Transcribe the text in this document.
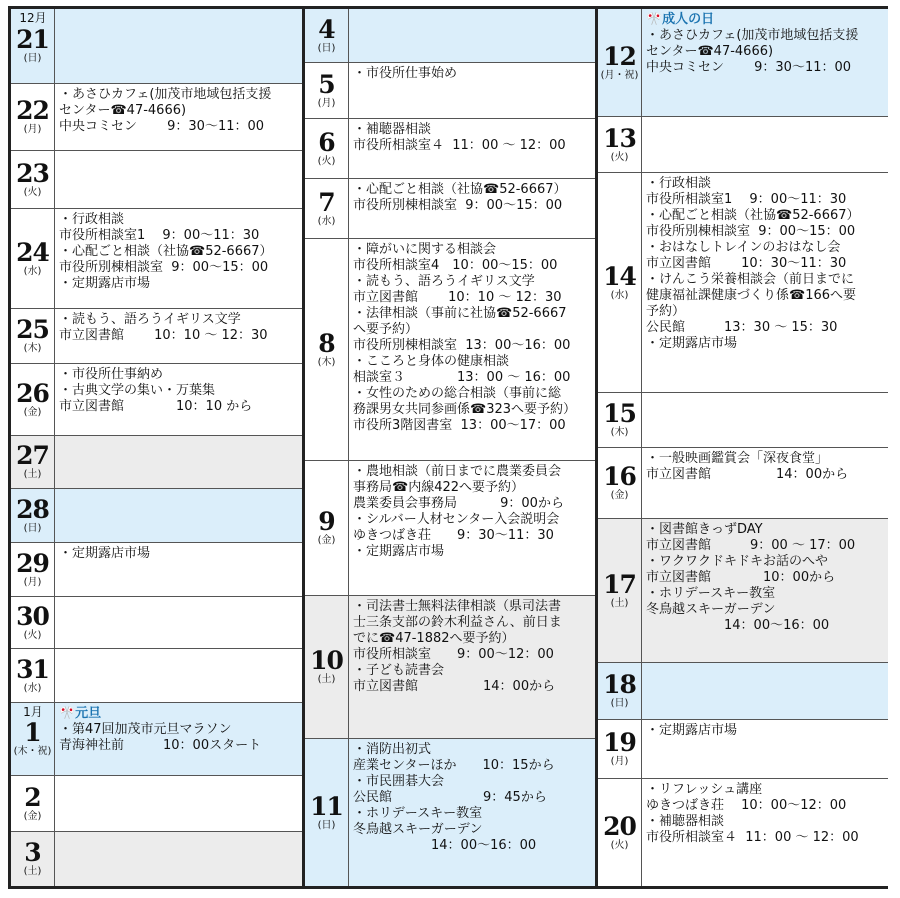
12月
21
(日)
22
(月)
・あさひカフェ(加茂市地域包括支援
センター☎47-4666)
中央コミセン　　 9：30～11：00
23
(火)
24
(水)
・行政相談
市役所相談室1　 9：00～11：30
・心配ごと相談（社協☎52-6667）
市役所別棟相談室  9：00～15：00
・定期露店市場
25
(木)
・読もう、語ろうイギリス文学
市立図書館　　 10：10 ～ 12：30
26
(金)
・市役所仕事納め
・古典文学の集い・万葉集
市立図書館　　　　10：10 から
27
(土)
28
(日)
29
(月)
・定期露店市場
30
(火)
31
(水)
1月
1
(木・祝)
🎌元旦
・第47回加茂市元旦マラソン
青海神社前　　　10：00スタート
2
(金)
3
(土)
4
(日)
5
(月)
・市役所仕事始め
6
(火)
・補聴器相談
市役所相談室４  11：00 ～ 12：00
7
(水)
・心配ごと相談（社協☎52-6667）
市役所別棟相談室  9：00～15：00
8
(木)
・障がいに関する相談会
市役所相談室4　10：00～15：00
・読もう、語ろうイギリス文学
市立図書館　　 10：10 ～ 12：30
・法律相談（事前に社協☎52-6667
へ要予約）
市役所別棟相談室  13：00～16：00
・こころと身体の健康相談
相談室３　　　　13：00 ～ 16：00
・女性のための総合相談（事前に総
務課男女共同参画係☎323へ要予約）
市役所3階図書室  13：00～17：00
9
(金)
・農地相談（前日までに農業委員会
事務局☎内線422へ要予約）
農業委員会事務局　　　 9：00から
・シルバー人材センター入会説明会
ゆきつばき荘　　9：30～11：30
・定期露店市場
10
(土)
・司法書士無料法律相談（県司法書
士三条支部の鈴木利益さん、前日ま
でに☎47-1882へ要予約）
市役所相談室　　9：00～12：00
・子ども読書会
市立図書館　　　　　14：00から
11
(日)
・消防出初式
産業センターほか　　10：15から
・市民囲碁大会
公民館　　　　　　　9：45から
・ホリデースキー教室
冬鳥越スキーガーデン
　　　　　　14：00～16：00
12
(月・祝)
🎌成人の日
・あさひカフェ(加茂市地域包括支援
センター☎47-4666)
中央コミセン　　 9：30～11：00
13
(火)
14
(水)
・行政相談
市役所相談室1　 9：00～11：30
・心配ごと相談（社協☎52-6667）
市役所別棟相談室  9：00～15：00
・おはなしトレインのおはなし会
市立図書館　　 10：30～11：30
・けんこう栄養相談会（前日までに
健康福祉課健康づくり係☎166へ要
予約）
公民館　　　13：30 ～ 15：30
・定期露店市場
15
(木)
16
(金)
・一般映画鑑賞会「深夜食堂」
市立図書館　　　　　14：00から
17
(土)
・図書館きっずDAY
市立図書館　　　9：00 ～ 17：00
・ワクワクドキドキお話のへや
市立図書館　　　　10：00から
・ホリデースキー教室
冬鳥越スキーガーデン
　　　　　　14：00～16：00
18
(日)
19
(月)
・定期露店市場
20
(火)
・リフレッシュ講座
ゆきつばき荘　 10：00～12：00
・補聴器相談
市役所相談室４  11：00 ～ 12：00
